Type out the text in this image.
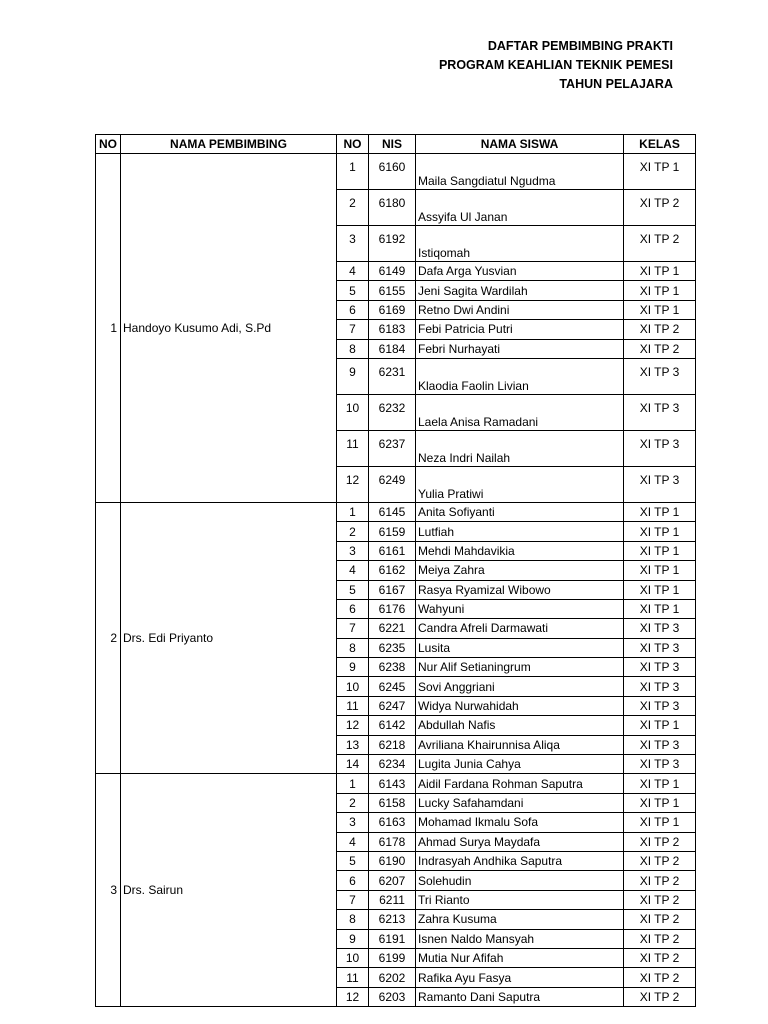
DAFTAR PEMBIMBING PRAKTI
PROGRAM KEAHLIAN TEKNIK PEMESI
TAHUN PELAJARA
NO	NAMA PEMBIMBING	NO	NIS	NAMA SISWA	KELAS
1	Handoyo Kusumo Adi, S.Pd	1	6160	Maila Sangdiatul Ngudma	XI TP 1
		2	6180	Assyifa Ul Janan	XI TP 2
		3	6192	Istiqomah	XI TP 2
		4	6149	Dafa Arga Yusvian	XI TP 1
		5	6155	Jeni Sagita Wardilah	XI TP 1
		6	6169	Retno Dwi Andini	XI TP 1
		7	6183	Febi Patricia Putri	XI TP 2
		8	6184	Febri Nurhayati	XI TP 2
		9	6231	Klaodia Faolin Livian	XI TP 3
		10	6232	Laela Anisa Ramadani	XI TP 3
		11	6237	Neza Indri Nailah	XI TP 3
		12	6249	Yulia Pratiwi	XI TP 3
2	Drs. Edi Priyanto	1	6145	Anita Sofiyanti	XI TP 1
		2	6159	Lutfiah	XI TP 1
		3	6161	Mehdi Mahdavikia	XI TP 1
		4	6162	Meiya Zahra	XI TP 1
		5	6167	Rasya Ryamizal Wibowo	XI TP 1
		6	6176	Wahyuni	XI TP 1
		7	6221	Candra Afreli Darmawati	XI TP 3
		8	6235	Lusita	XI TP 3
		9	6238	Nur Alif Setianingrum	XI TP 3
		10	6245	Sovi Anggriani	XI TP 3
		11	6247	Widya Nurwahidah	XI TP 3
		12	6142	Abdullah Nafis	XI TP 1
		13	6218	Avriliana Khairunnisa Aliqa	XI TP 3
		14	6234	Lugita Junia Cahya	XI TP 3
3	Drs. Sairun	1	6143	Aidil Fardana Rohman Saputra	XI TP 1
		2	6158	Lucky Safahamdani	XI TP 1
		3	6163	Mohamad Ikmalu Sofa	XI TP 1
		4	6178	Ahmad Surya Maydafa	XI TP 2
		5	6190	Indrasyah Andhika Saputra	XI TP 2
		6	6207	Solehudin	XI TP 2
		7	6211	Tri Rianto	XI TP 2
		8	6213	Zahra Kusuma	XI TP 2
		9	6191	Isnen Naldo Mansyah	XI TP 2
		10	6199	Mutia Nur Afifah	XI TP 2
		11	6202	Rafika Ayu Fasya	XI TP 2
		12	6203	Ramanto Dani Saputra	XI TP 2
